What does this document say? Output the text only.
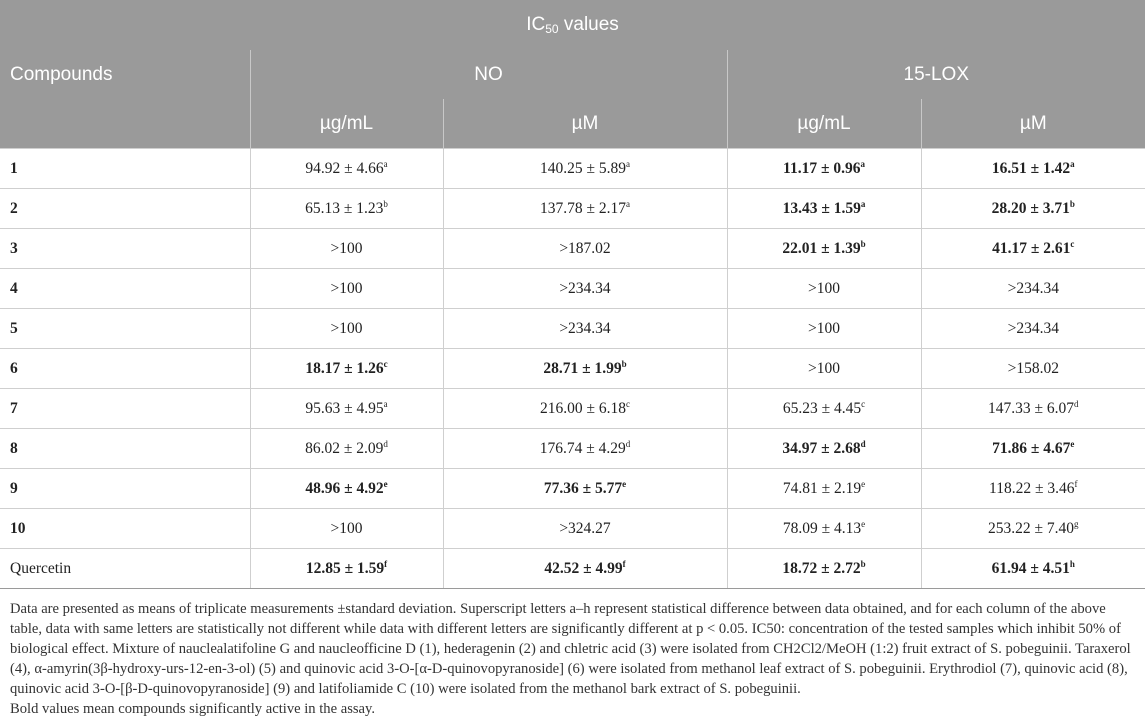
$IC_{50}$ values				
Compounds	NO		15-LOX	
	µg/mL	µM	µg/mL	µM
1	94.92 ± 4.66$^a$	140.25 ± 5.89$^a$	11.17 ± 0.96$^a$	16.51 ± 1.42$^a$
2	65.13 ± 1.23$^b$	137.78 ± 2.17$^a$	13.43 ± 1.59$^a$	28.20 ± 3.71$^b$
3	>100	>187.02	22.01 ± 1.39$^b$	41.17 ± 2.61$^c$
4	>100	>234.34	>100	>234.34
5	>100	>234.34	>100	>234.34
6	18.17 ± 1.26$^c$	28.71 ± 1.99$^b$	>100	>158.02
7	95.63 ± 4.95$^a$	216.00 ± 6.18$^c$	65.23 ± 4.45$^c$	147.33 ± 6.07$^d$
8	86.02 ± 2.09$^d$	176.74 ± 4.29$^d$	34.97 ± 2.68$^d$	71.86 ± 4.67$^e$
9	48.96 ± 4.92$^e$	77.36 ± 5.77$^e$	74.81 ± 2.19$^e$	118.22 ± 3.46$^f$
10	>100	>324.27	78.09 ± 4.13$^e$	253.22 ± 7.40$^g$
Quercetin	12.85 ± 1.59$^f$	42.52 ± 4.99$^f$	18.72 ± 2.72$^b$	61.94 ± 4.51$^h$

Data are presented as means of triplicate measurements ±standard deviation. Superscript letters a–h represent statistical difference between data obtained, and for each column of the above table, data with same letters are statistically not different while data with different letters are significantly different at p < 0.05. IC50: concentration of the tested samples which inhibit 50% of biological effect. Mixture of nauclealatifoline G and naucleofficine D (1), hederagenin (2) and chletric acid (3) were isolated from CH2Cl2/MeOH (1:2) fruit extract of S. pobeguinii. Taraxerol (4), α-amyrin(3β-hydroxy-urs-12-en-3-ol) (5) and quinovic acid 3-O-[α-D-quinovopyranoside] (6) were isolated from methanol leaf extract of S. pobeguinii. Erythrodiol (7), quinovic acid (8), quinovic acid 3-O-[β-D-quinovopyranoside] (9) and latifoliamide C (10) were isolated from the methanol bark extract of S. pobeguinii.

Bold values mean compounds significantly active in the assay.
